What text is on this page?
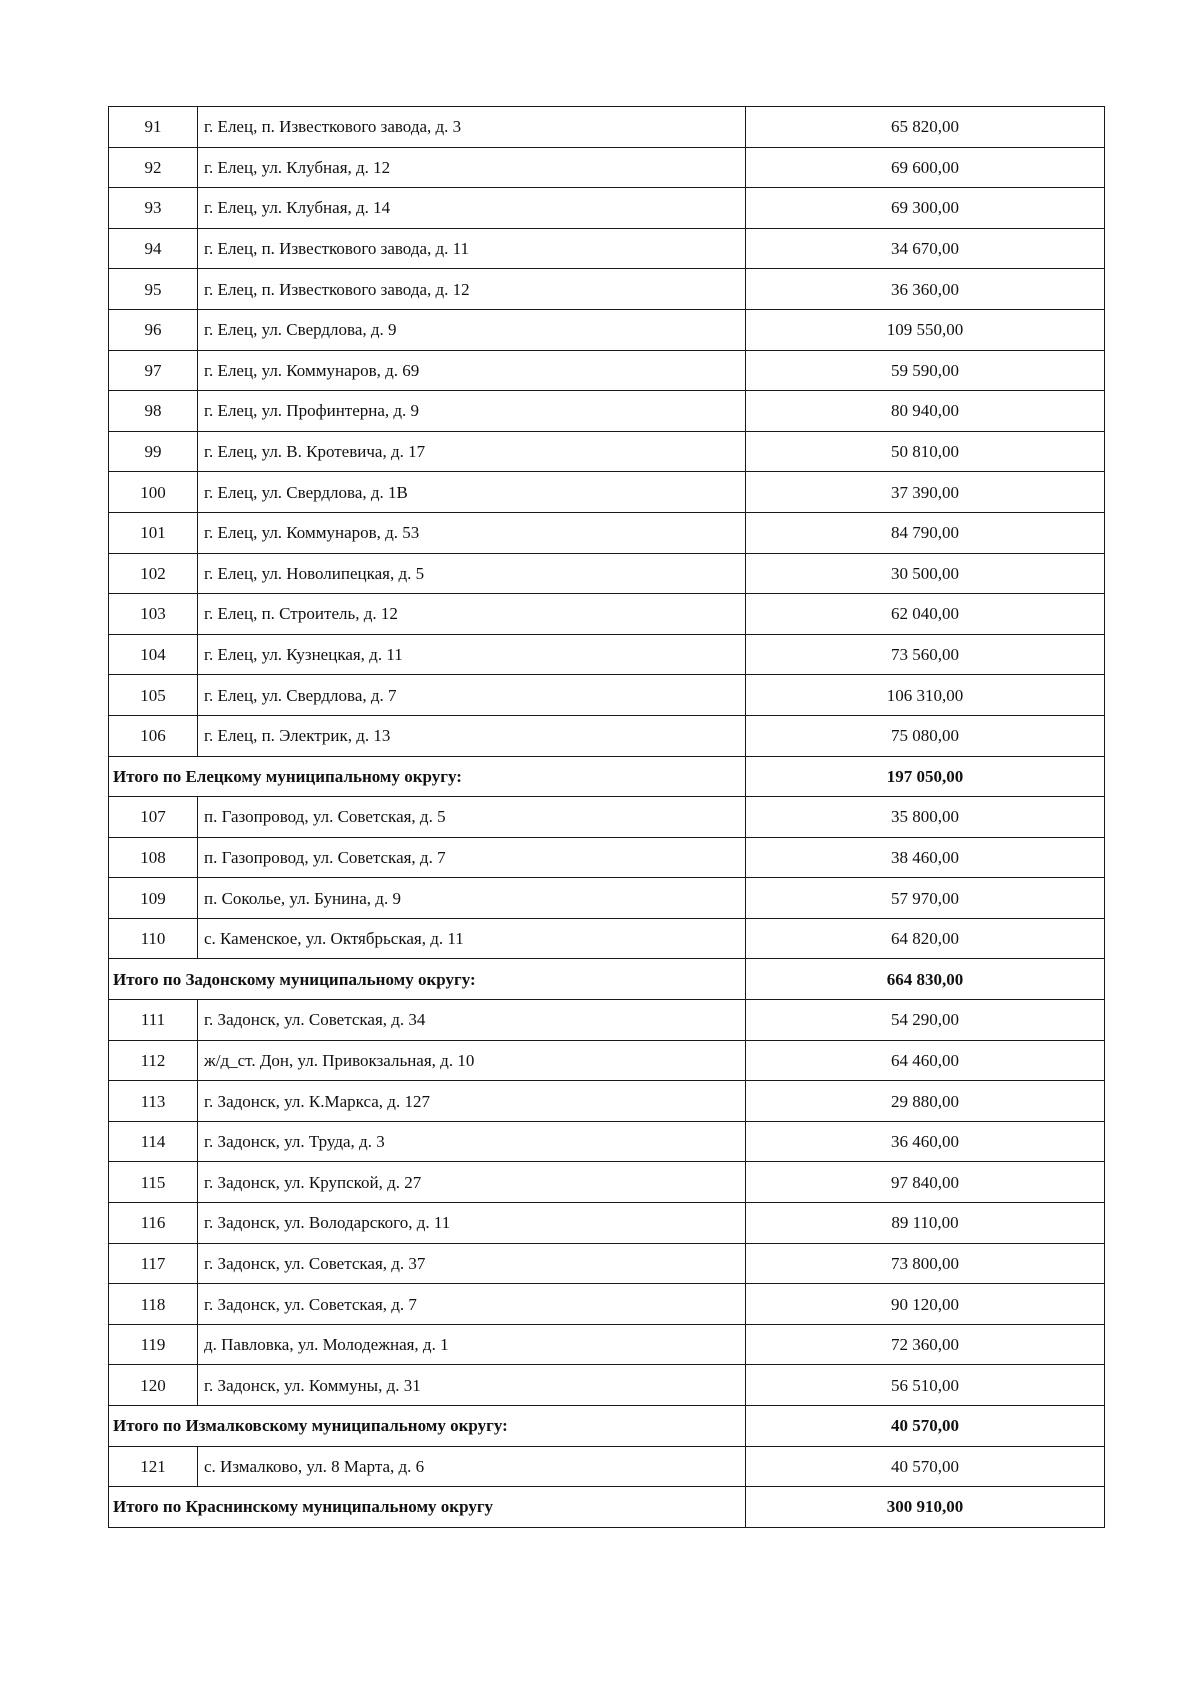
91	г. Елец, п. Известкового завода, д. 3	65 820,00
92	г. Елец, ул. Клубная, д. 12	69 600,00
93	г. Елец, ул. Клубная, д. 14	69 300,00
94	г. Елец, п. Известкового завода, д. 11	34 670,00
95	г. Елец, п. Известкового завода, д. 12	36 360,00
96	г. Елец, ул. Свердлова, д. 9	109 550,00
97	г. Елец, ул. Коммунаров, д. 69	59 590,00
98	г. Елец, ул. Профинтерна, д. 9	80 940,00
99	г. Елец, ул. В. Кротевича, д. 17	50 810,00
100	г. Елец, ул. Свердлова, д. 1В	37 390,00
101	г. Елец, ул. Коммунаров, д. 53	84 790,00
102	г. Елец, ул. Новолипецкая, д. 5	30 500,00
103	г. Елец, п. Строитель, д. 12	62 040,00
104	г. Елец, ул. Кузнецкая, д. 11	73 560,00
105	г. Елец, ул. Свердлова, д. 7	106 310,00
106	г. Елец, п. Электрик, д. 13	75 080,00
Итого по Елецкому муниципальному округу:		197 050,00
107	п. Газопровод, ул. Советская, д. 5	35 800,00
108	п. Газопровод, ул. Советская, д. 7	38 460,00
109	п. Сокольe, ул. Бунина, д. 9	57 970,00
110	с. Каменское, ул. Октябрьская, д. 11	64 820,00
Итого по Задонскому муниципальному округу:		664 830,00
111	г. Задонск, ул. Советская, д. 34	54 290,00
112	ж/д_ст. Дон, ул. Привокзальная, д. 10	64 460,00
113	г. Задонск, ул. К.Маркса, д. 127	29 880,00
114	г. Задонск, ул. Труда, д. 3	36 460,00
115	г. Задонск, ул. Крупской, д. 27	97 840,00
116	г. Задонск, ул. Володарского, д. 11	89 110,00
117	г. Задонск, ул. Советская, д. 37	73 800,00
118	г. Задонск, ул. Советская, д. 7	90 120,00
119	д. Павловка, ул. Молодежная, д. 1	72 360,00
120	г. Задонск, ул. Коммуны, д. 31	56 510,00
Итого по Измалковскому муниципальному округу:		40 570,00
121	с. Измалково, ул. 8 Марта, д. 6	40 570,00
Итого по Краснинскому муниципальному округу		300 910,00
